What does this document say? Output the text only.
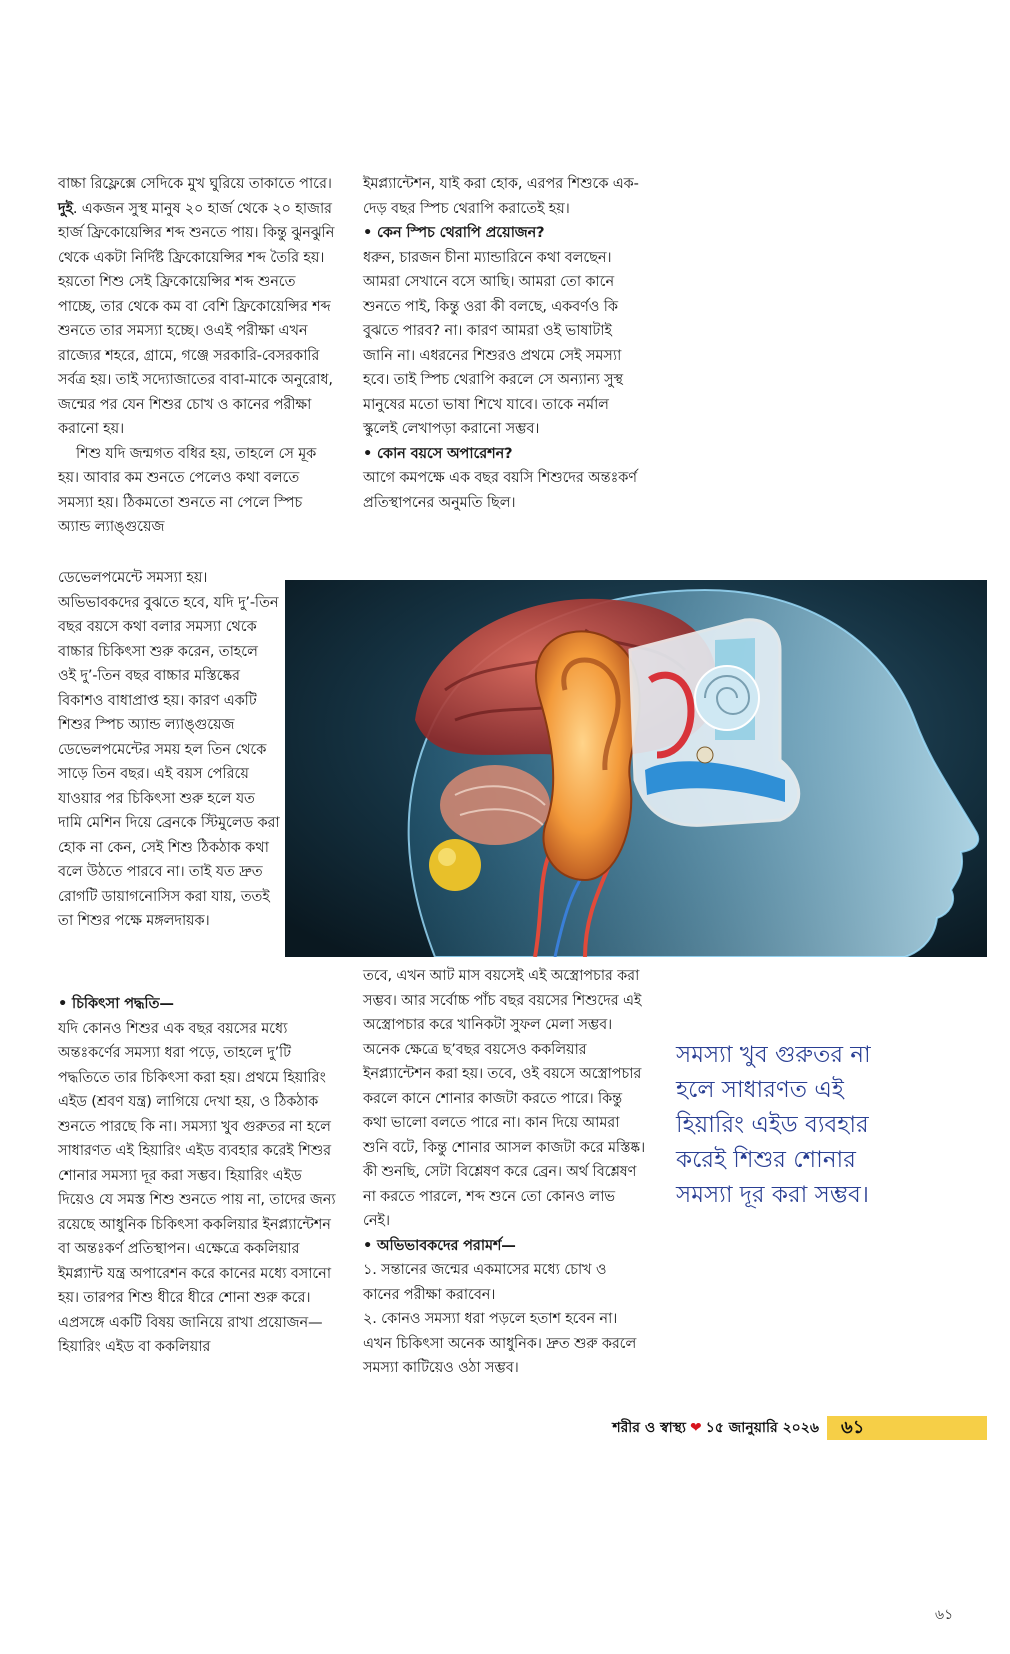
বাচ্চা রিফ্লেক্সে সেদিকে মুখ ঘুরিয়ে তাকাতে পারে। দুই. একজন সুস্থ মানুষ ২০ হার্জ থেকে ২০ হাজার হার্জ ফ্রিকোয়েন্সির শব্দ শুনতে পায়। কিন্তু ঝুনঝুনি থেকে একটা নির্দিষ্ট ফ্রিকোয়েন্সির শব্দ তৈরি হয়। হয়তো শিশু সেই ফ্রিকোয়েন্সির শব্দ শুনতে পাচ্ছে, তার থেকে কম বা বেশি ফ্রিকোয়েন্সির শব্দ শুনতে তার সমস্যা হচ্ছে। ওএই পরীক্ষা এখন রাজ্যের শহরে, গ্রামে, গঞ্জে সরকারি-বেসরকারি সর্বত্র হয়। তাই সদ্যোজাতের বাবা-মাকে অনুরোধ, জন্মের পর যেন শিশুর চোখ ও কানের পরীক্ষা করানো হয়।

শিশু যদি জন্মগত বধির হয়, তাহলে সে মূক হয়। আবার কম শুনতে পেলেও কথা বলতে সমস্যা হয়। ঠিকমতো শুনতে না পেলে স্পিচ অ্যান্ড ল্যাঙ্গুয়েজ

ডেভেলপমেন্টে সমস্যা হয়। অভিভাবকদের বুঝতে হবে, যদি দু’-তিন বছর বয়সে কথা বলার সমস্যা থেকে বাচ্চার চিকিৎসা শুরু করেন, তাহলে ওই দু’-তিন বছর বাচ্চার মস্তিষ্কের বিকাশও বাধাপ্রাপ্ত হয়। কারণ একটি শিশুর স্পিচ অ্যান্ড ল্যাঙ্গুয়েজ ডেভেলপমেন্টের সময় হল তিন থেকে সাড়ে তিন বছর। এই বয়স পেরিয়ে যাওয়ার পর চিকিৎসা শুরু হলে যত দামি মেশিন দিয়ে ব্রেনকে স্টিমুলেড করা হোক না কেন, সেই শিশু ঠিকঠাক কথা বলে উঠতে পারবে না। তাই যত দ্রুত রোগটি ডায়াগনোসিস করা যায়, ততই তা শিশুর পক্ষে মঙ্গলদায়ক।

• চিকিৎসা পদ্ধতি—

যদি কোনও শিশুর এক বছর বয়সের মধ্যে অন্তঃকর্ণের সমস্যা ধরা পড়ে, তাহলে দু’টি পদ্ধতিতে তার চিকিৎসা করা হয়। প্রথমে হিয়ারিং এইড (শ্রবণ যন্ত্র) লাগিয়ে দেখা হয়, ও ঠিকঠাক শুনতে পারছে কি না। সমস্যা খুব গুরুতর না হলে সাধারণত এই হিয়ারিং এইড ব্যবহার করেই শিশুর শোনার সমস্যা দূর করা সম্ভব। হিয়ারিং এইড দিয়েও যে সমস্ত শিশু শুনতে পায় না, তাদের জন্য রয়েছে আধুনিক চিকিৎসা ককলিয়ার ইনপ্ল্যান্টেশন বা অন্তঃকর্ণ প্রতিস্থাপন। এক্ষেত্রে ককলিয়ার ইমপ্ল্যান্ট যন্ত্র অপারেশন করে কানের মধ্যে বসানো হয়। তারপর শিশু ধীরে ধীরে শোনা শুরু করে। এপ্রসঙ্গে একটি বিষয় জানিয়ে রাখা প্রয়োজন— হিয়ারিং এইড বা ককলিয়ার

ইমপ্ল্যান্টেশন, যাই করা হোক, এরপর শিশুকে এক-দেড় বছর স্পিচ থেরাপি করাতেই হয়।

• কেন স্পিচ থেরাপি প্রয়োজন?

ধরুন, চারজন চীনা ম্যান্ডারিনে কথা বলছেন। আমরা সেখানে বসে আছি। আমরা তো কানে শুনতে পাই, কিন্তু ওরা কী বলছে, একবর্ণও কি বুঝতে পারব? না। কারণ আমরা ওই ভাষাটাই জানি না। এধরনের শিশুরও প্রথমে সেই সমস্যা হবে। তাই স্পিচ থেরাপি করলে সে অন্যান্য সুস্থ মানুষের মতো ভাষা শিখে যাবে। তাকে নর্মাল স্কুলেই লেখাপড়া করানো সম্ভব।

• কোন বয়সে অপারেশন?

আগে কমপক্ষে এক বছর বয়সি শিশুদের অন্তঃকর্ণ প্রতিস্থাপনের অনুমতি ছিল।

তবে, এখন আট মাস বয়সেই এই অস্ত্রোপচার করা সম্ভব। আর সর্বোচ্চ পাঁচ বছর বয়সের শিশুদের এই অস্ত্রোপচার করে খানিকটা সুফল মেলা সম্ভব। অনেক ক্ষেত্রে ছ’বছর বয়সেও ককলিয়ার ইনপ্ল্যান্টেশন করা হয়। তবে, ওই বয়সে অস্ত্রোপচার করলে কানে শোনার কাজটা করতে পারে। কিন্তু কথা ভালো বলতে পারে না। কান দিয়ে আমরা শুনি বটে, কিন্তু শোনার আসল কাজটা করে মস্তিষ্ক। কী শুনছি, সেটা বিশ্লেষণ করে ব্রেন। অর্থ বিশ্লেষণ না করতে পারলে, শব্দ শুনে তো কোনও লাভ নেই।

• অভিভাবকদের পরামর্শ—

১. সন্তানের জন্মের একমাসের মধ্যে চোখ ও কানের পরীক্ষা করাবেন।

২. কোনও সমস্যা ধরা পড়লে হতাশ হবেন না। এখন চিকিৎসা অনেক আধুনিক। দ্রুত শুরু করলে সমস্যা কাটিয়েও ওঠা সম্ভব।

সমস্যা খুব গুরুতর না হলে সাধারণত এই হিয়ারিং এইড ব্যবহার করেই শিশুর শোনার সমস্যা দূর করা সম্ভব।
শরীর ও স্বাস্থ্য ❤ ১৫ জানুয়ারি ২০২৬ ৬১
৬১
